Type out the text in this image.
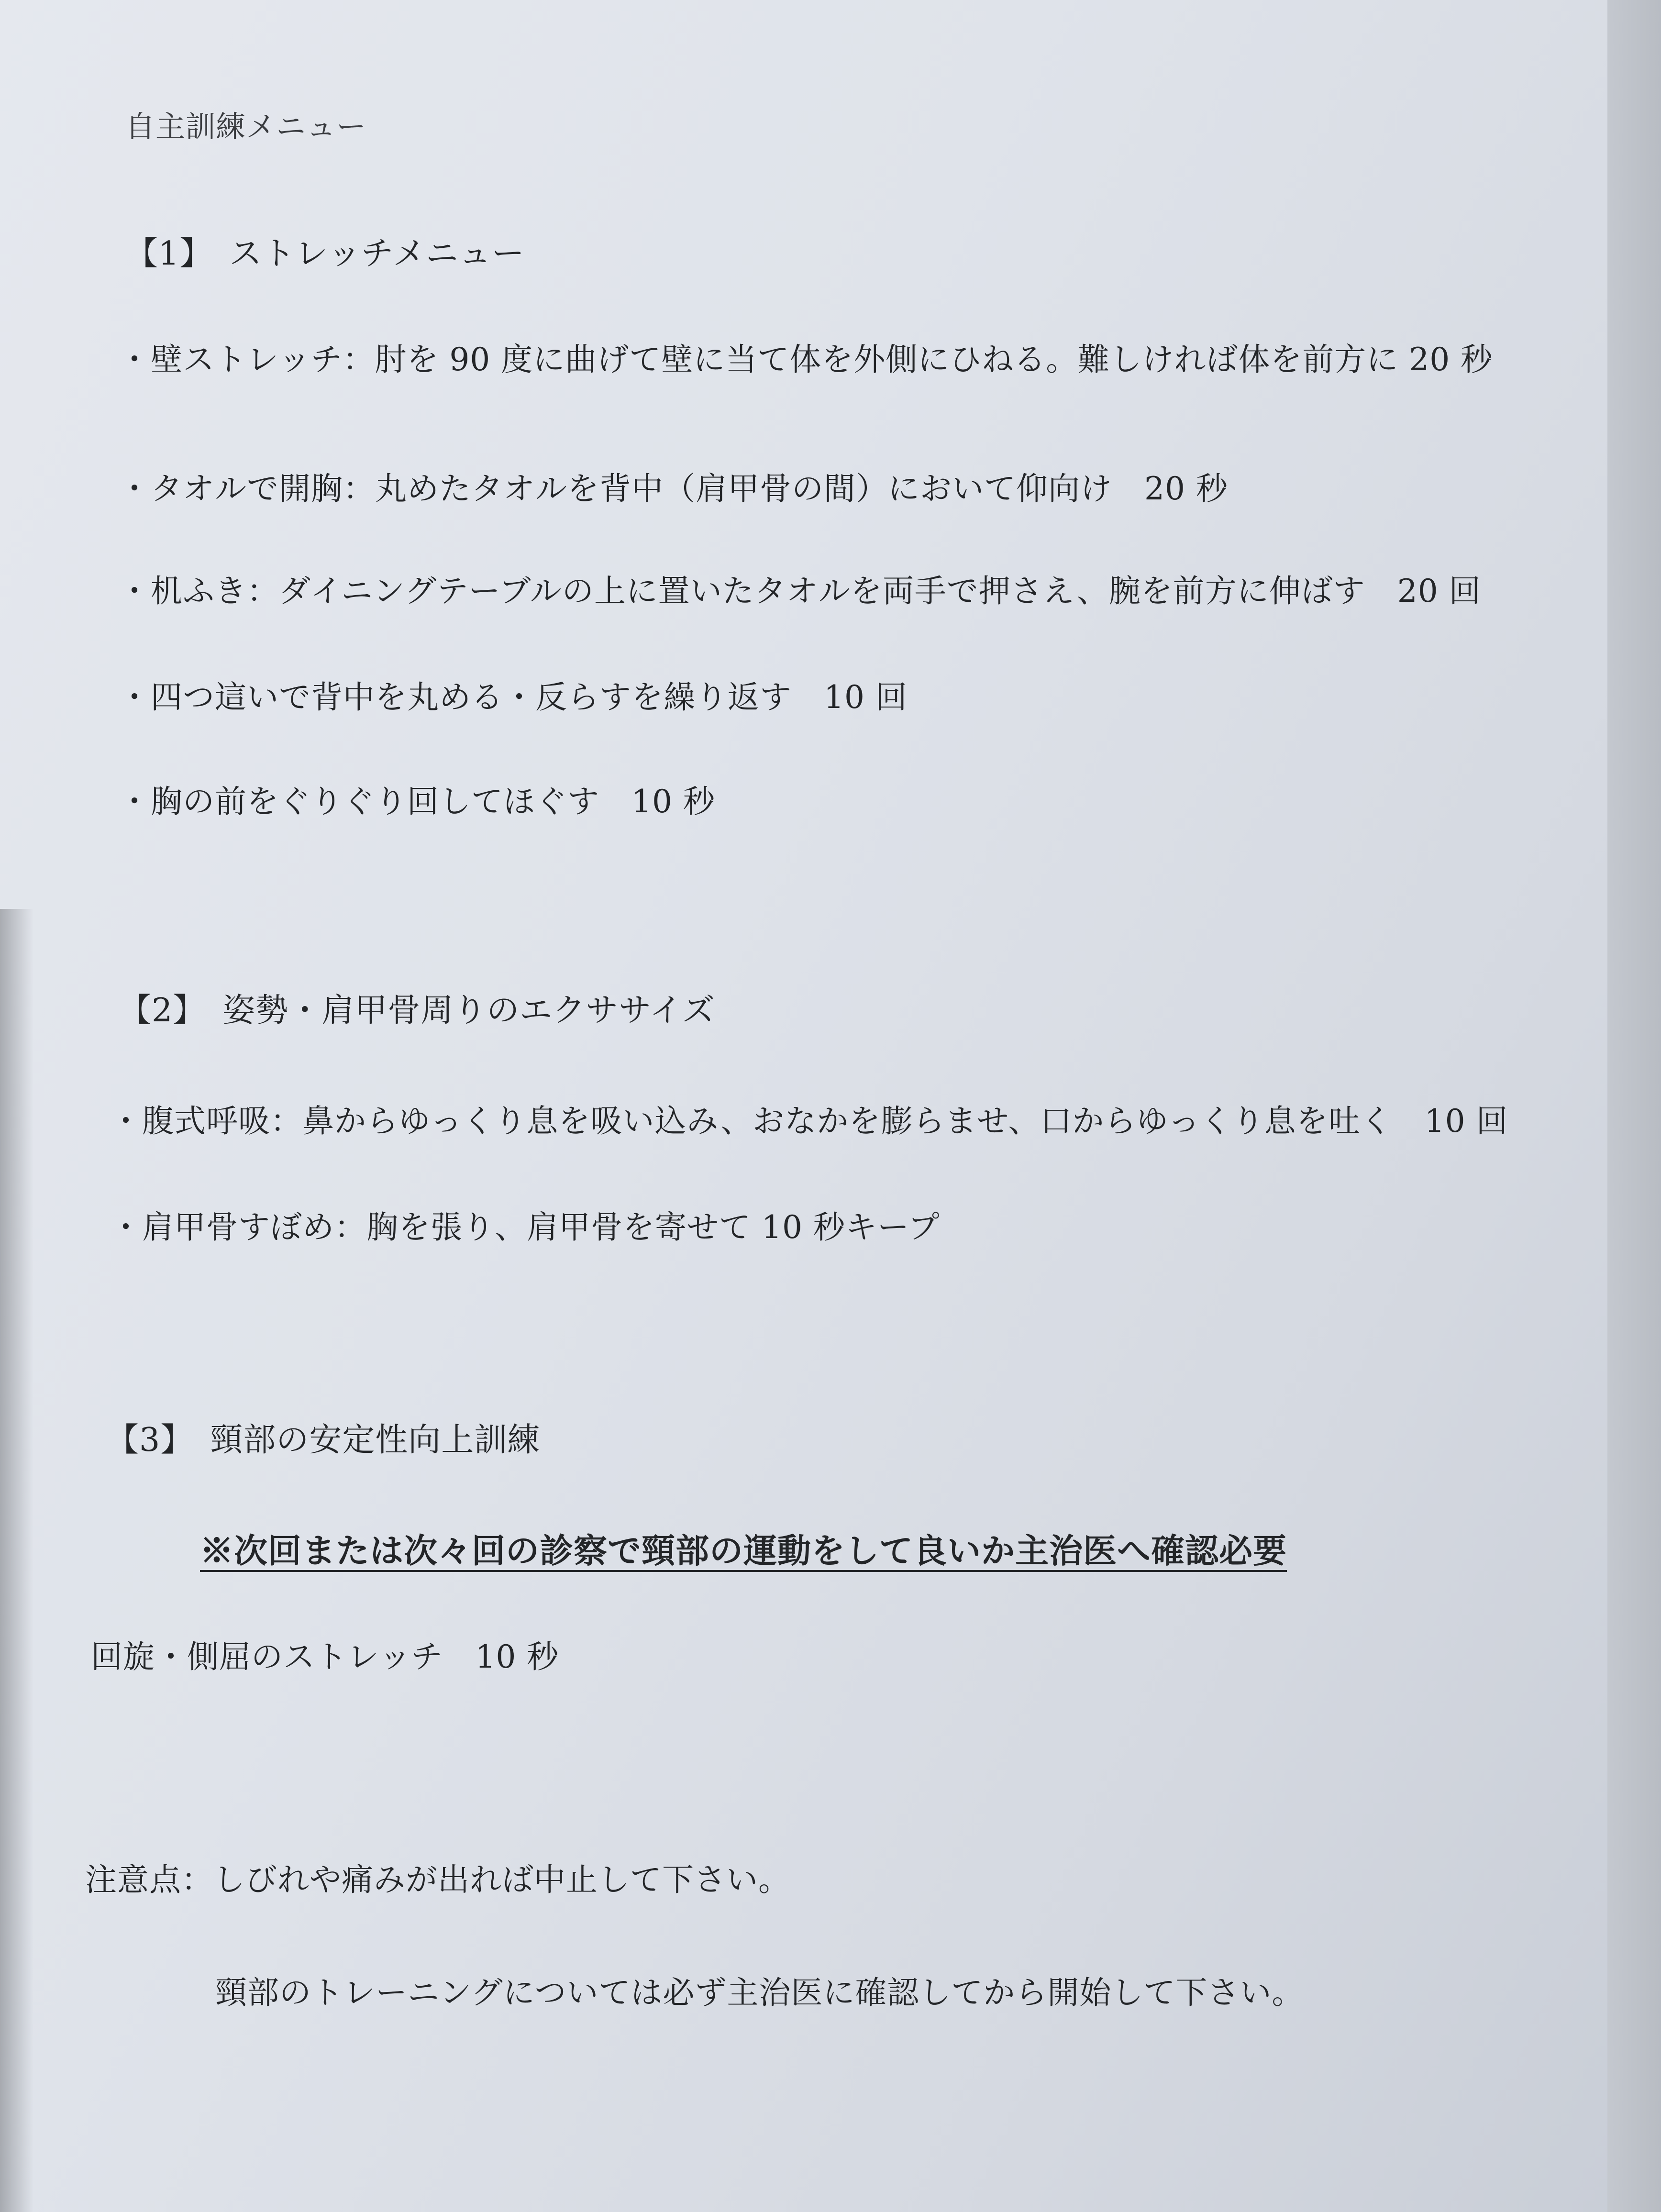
自主訓練メニュー
【1】　ストレッチメニュー
・壁ストレッチ：肘を 90 度に曲げて壁に当て体を外側にひねる。難しければ体を前方に 20 秒
・タオルで開胸：丸めたタオルを背中（肩甲骨の間）において仰向け　20 秒
・机ふき：ダイニングテーブルの上に置いたタオルを両手で押さえ、腕を前方に伸ばす　20 回
・四つ這いで背中を丸める・反らすを繰り返す　10 回
・胸の前をぐりぐり回してほぐす　10 秒
【2】　姿勢・肩甲骨周りのエクササイズ
・腹式呼吸：鼻からゆっくり息を吸い込み、おなかを膨らませ、口からゆっくり息を吐く　10 回
・肩甲骨すぼめ：胸を張り、肩甲骨を寄せて 10 秒キープ
【3】　頸部の安定性向上訓練
※次回または次々回の診察で頸部の運動をして良いか主治医へ確認必要
回旋・側屈のストレッチ　10 秒
注意点：しびれや痛みが出れば中止して下さい。
頸部のトレーニングについては必ず主治医に確認してから開始して下さい。
